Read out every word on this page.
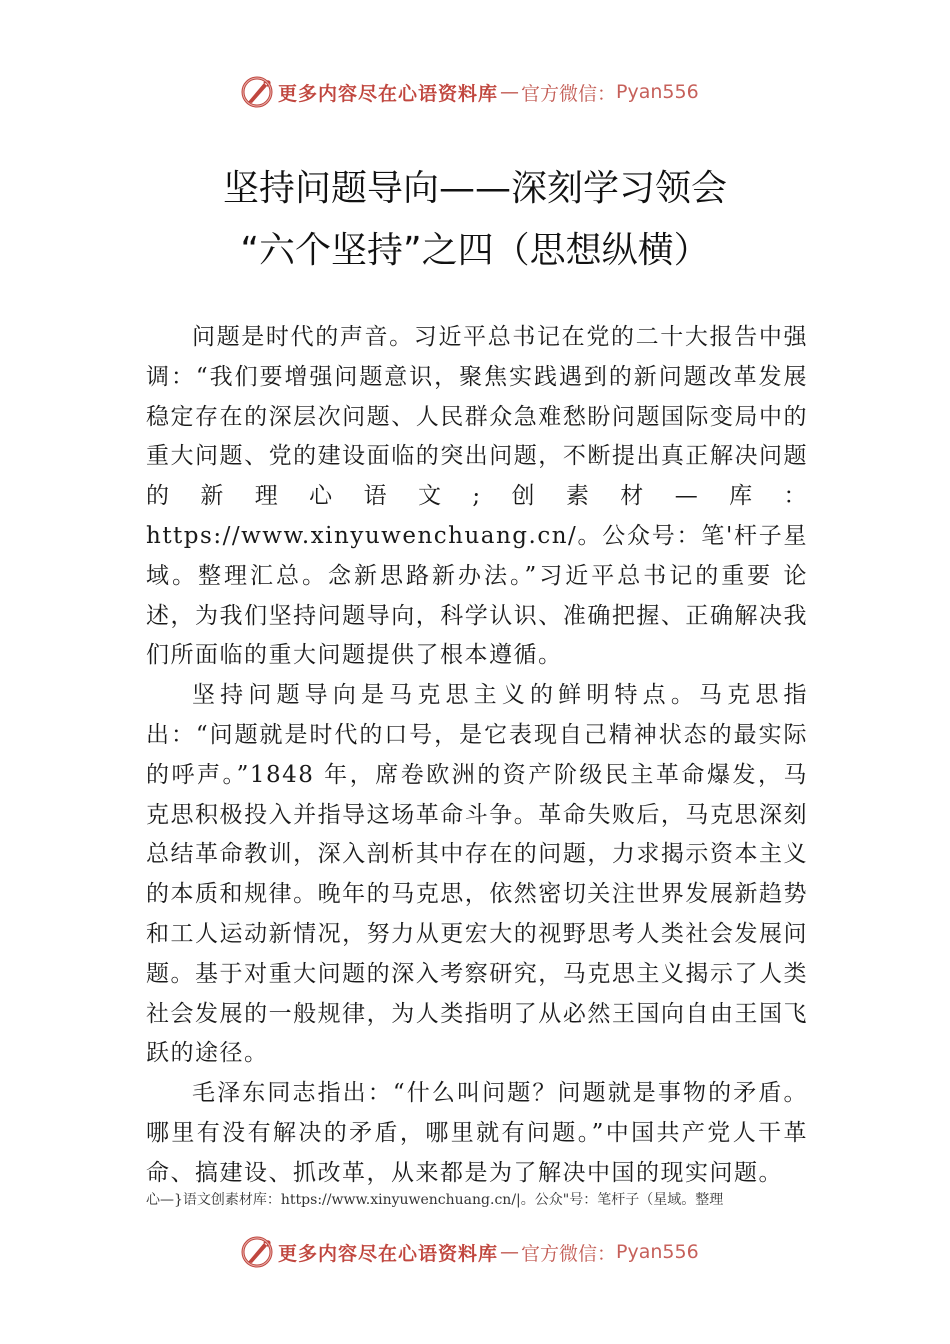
更多内容尽在心语资料库 — 官方微信： Pyan556
坚持问题导向——深刻学习领会
“六个坚持”之四（思想纵横）

问题是时代的声音。习近平总书记在党的二十大报告中强调：“我们要增强问题意识，聚焦实践遇到的新问题改革发展稳定存在的深层次问题、人民群众急难愁盼问题国际变局中的重大问题、党的建设面临的突出问题，不断提出真正解决问题的新理心语文;创素材—库：https://www.xinyuwenchuang.cn/。公众号：笔'杆子星域。整理汇总。念新思路新办法。”习近平总书记的重要 论述，为我们坚持问题导向，科学认识、准确把握、正确解决我们所面临的重大问题提供了根本遵循。

坚持问题导向是马克思主义的鲜明特点。马克思指出：“问题就是时代的口号，是它表现自己精神状态的最实际的呼声。”1848 年，席卷欧洲的资产阶级民主革命爆发，马克思积极投入并指导这场革命斗争。革命失败后，马克思深刻总结革命教训，深入剖析其中存在的问题，力求揭示资本主义的本质和规律。晚年的马克思，依然密切关注世界发展新趋势和工人运动新情况，努力从更宏大的视野思考人类社会发展问题。基于对重大问题的深入考察研究，马克思主义揭示了人类社会发展的一般规律，为人类指明了从必然王国向自由王国飞跃的途径。

毛泽东同志指出：“什么叫问题？问题就是事物的矛盾。哪里有没有解决的矛盾，哪里就有问题。”中国共产党人干革命、搞建设、抓改革，从来都是为了解决中国的现实问题。

心—}语文创素材库：https://www.xinyuwenchuang.cn/|。公众"号：笔杆子（星域。整理
更多内容尽在心语资料库 — 官方微信： Pyan556
